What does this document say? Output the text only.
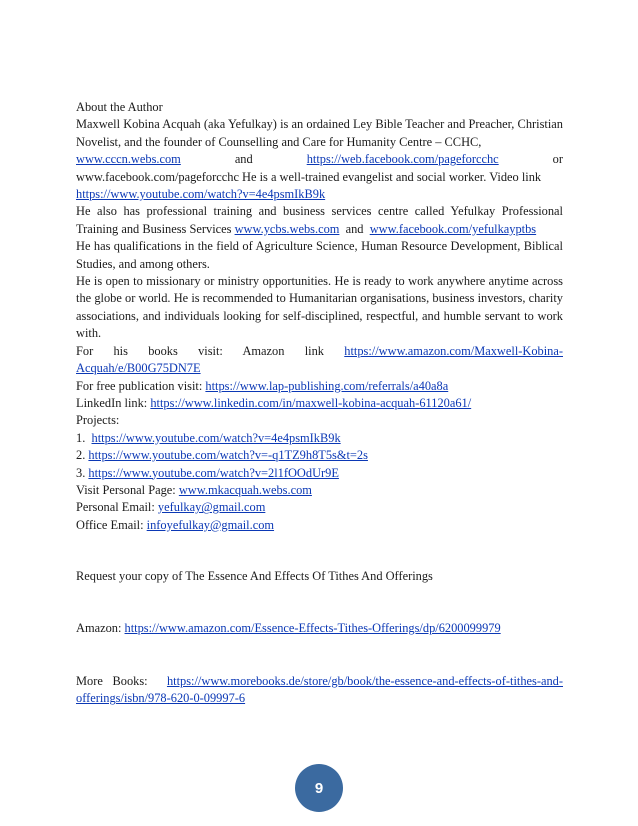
About the Author

Maxwell Kobina Acquah (aka Yefulkay) is an ordained Ley Bible Teacher and Preacher, Christian Novelist, and the founder of Counselling and Care for Humanity Centre – CCHC,
www.cccn.webs.com	and	https://web.facebook.com/pageforcchc	or
www.facebook.com/pageforcchc He is a well-trained evangelist and social worker. Video link
https://www.youtube.com/watch?v=4e4psmIkB9k

He also has professional training and business services centre called Yefulkay Professional Training and Business Services www.ycbs.webs.com and www.facebook.com/yefulkayptbs

He has qualifications in the field of Agriculture Science, Human Resource Development, Biblical Studies, and among others.

He is open to missionary or ministry opportunities. He is ready to work anywhere anytime across the globe or world. He is recommended to Humanitarian organisations, business investors, charity associations, and individuals looking for self-disciplined, respectful, and humble servant to work with.

For his books visit: Amazon link https://www.amazon.com/Maxwell-Kobina-Acquah/e/B00G75DN7E

For free publication visit: https://www.lap-publishing.com/referrals/a40a8a

LinkedIn link: https://www.linkedin.com/in/maxwell-kobina-acquah-61120a61/

Projects:

1. https://www.youtube.com/watch?v=4e4psmIkB9k

2. https://www.youtube.com/watch?v=-q1TZ9h8T5s&t=2s

3. https://www.youtube.com/watch?v=2l1fOOdUr9E

Visit Personal Page: www.mkacquah.webs.com

Personal Email: yefulkay@gmail.com

Office Email: infoyefulkay@gmail.com

Request your copy of The Essence And Effects Of Tithes And Offerings

Amazon: https://www.amazon.com/Essence-Effects-Tithes-Offerings/dp/6200099979

More Books: https://www.morebooks.de/store/gb/book/the-essence-and-effects-of-tithes-and-offerings/isbn/978-620-0-09997-6

9
